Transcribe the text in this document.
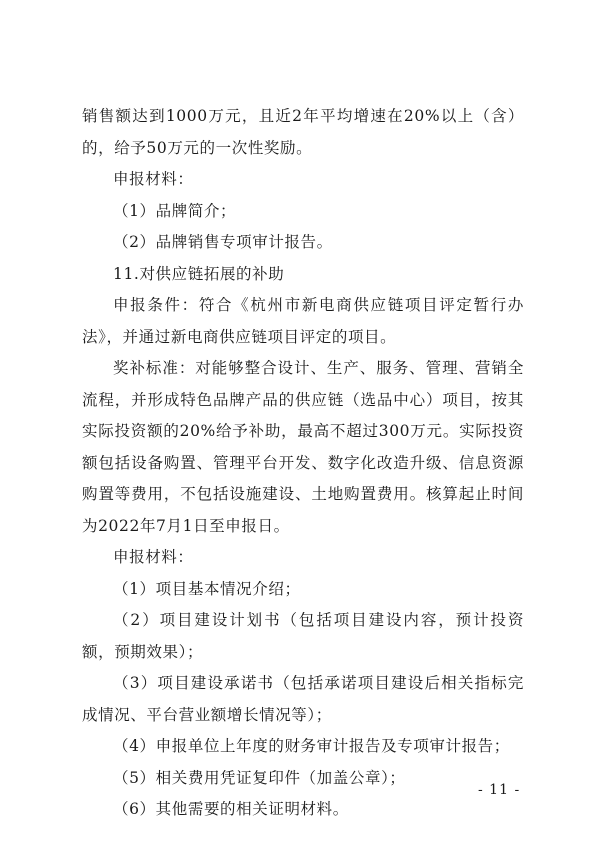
销售额达到1000万元，且近2年平均增速在20%以上（含）的，给予50万元的一次性奖励。

申报材料：

（1）品牌简介；

（2）品牌销售专项审计报告。

11.对供应链拓展的补助

申报条件：符合《杭州市新电商供应链项目评定暂行办法》，并通过新电商供应链项目评定的项目。

奖补标准：对能够整合设计、生产、服务、管理、营销全流程，并形成特色品牌产品的供应链（选品中心）项目，按其实际投资额的20%给予补助，最高不超过300万元。实际投资额包括设备购置、管理平台开发、数字化改造升级、信息资源购置等费用，不包括设施建设、土地购置费用。核算起止时间为2022年7月1日至申报日。

申报材料：

（1）项目基本情况介绍；

（2）项目建设计划书（包括项目建设内容，预计投资额，预期效果）；

（3）项目建设承诺书（包括承诺项目建设后相关指标完成情况、平台营业额增长情况等）；

（4）申报单位上年度的财务审计报告及专项审计报告；

（5）相关费用凭证复印件（加盖公章）；

（6）其他需要的相关证明材料。

- 11 -
